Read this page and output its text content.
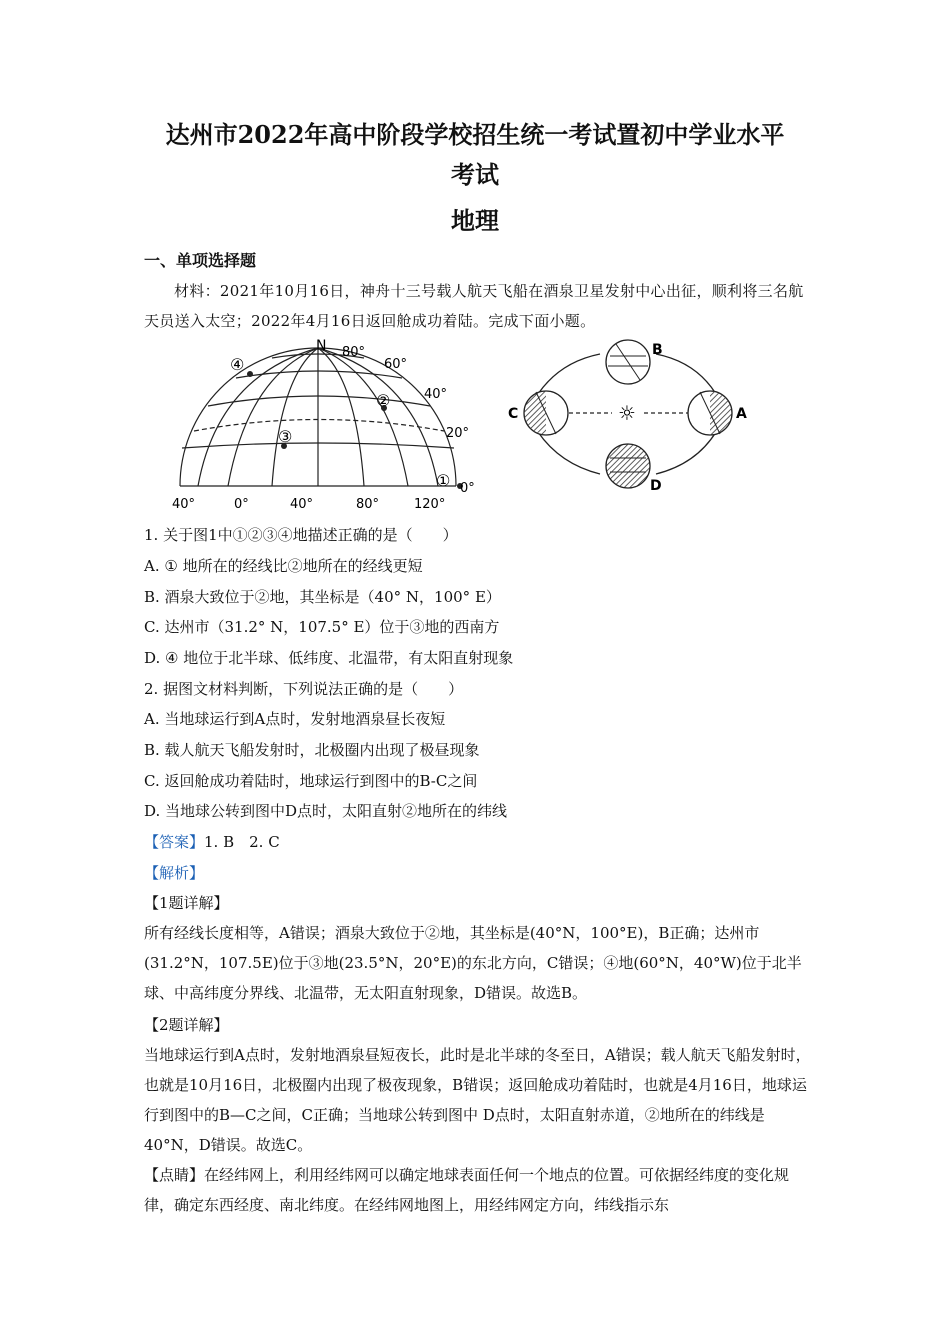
达州市2022年高中阶段学校招生统一考试置初中学业水平
考试
地理
一、单项选择题
材料：2021年10月16日，神舟十三号载人航天飞船在酒泉卫星发射中心出征，顺利将三名航天员送入太空；2022年4月16日返回舱成功着陆。完成下面小题。
N 80°
60°
40°
20°
0°
40°	0°	40°	80°	120°
①
②
③
④
B
A
C
D
☼
1. 关于图1中①②③④地描述正确的是（　　）
A. ① 地所在的经线比②地所在的经线更短
B. 酒泉大致位于②地，其坐标是（40° N，100° E）
C. 达州市（31.2° N，107.5° E）位于③地的西南方
D. ④ 地位于北半球、低纬度、北温带，有太阳直射现象
2. 据图文材料判断，下列说法正确的是（　　）
A. 当地球运行到A点时，发射地酒泉昼长夜短
B. 载人航天飞船发射时，北极圈内出现了极昼现象
C. 返回舱成功着陆时，地球运行到图中的B-C之间
D. 当地球公转到图中D点时，太阳直射②地所在的纬线
【答案】1. B　2. C
【解析】
【1题详解】
所有经线长度相等，A错误；酒泉大致位于②地，其坐标是(40°N，100°E)，B正确；达州市(31.2°N，107.5E)位于③地(23.5°N，20°E)的东北方向，C错误；④地(60°N，40°W)位于北半球、中高纬度分界线、北温带，无太阳直射现象，D错误。故选B。
【2题详解】
当地球运行到A点时，发射地酒泉昼短夜长，此时是北半球的冬至日，A错误；载人航天飞船发射时，也就是10月16日，北极圈内出现了极夜现象，B错误；返回舱成功着陆时，也就是4月16日，地球运行到图中的B—C之间，C正确；当地球公转到图中 D点时，太阳直射赤道，②地所在的纬线是40°N，D错误。故选C。
【点睛】在经纬网上，利用经纬网可以确定地球表面任何一个地点的位置。可依据经纬度的变化规律，确定东西经度、南北纬度。在经纬网地图上，用经纬网定方向，纬线指示东
